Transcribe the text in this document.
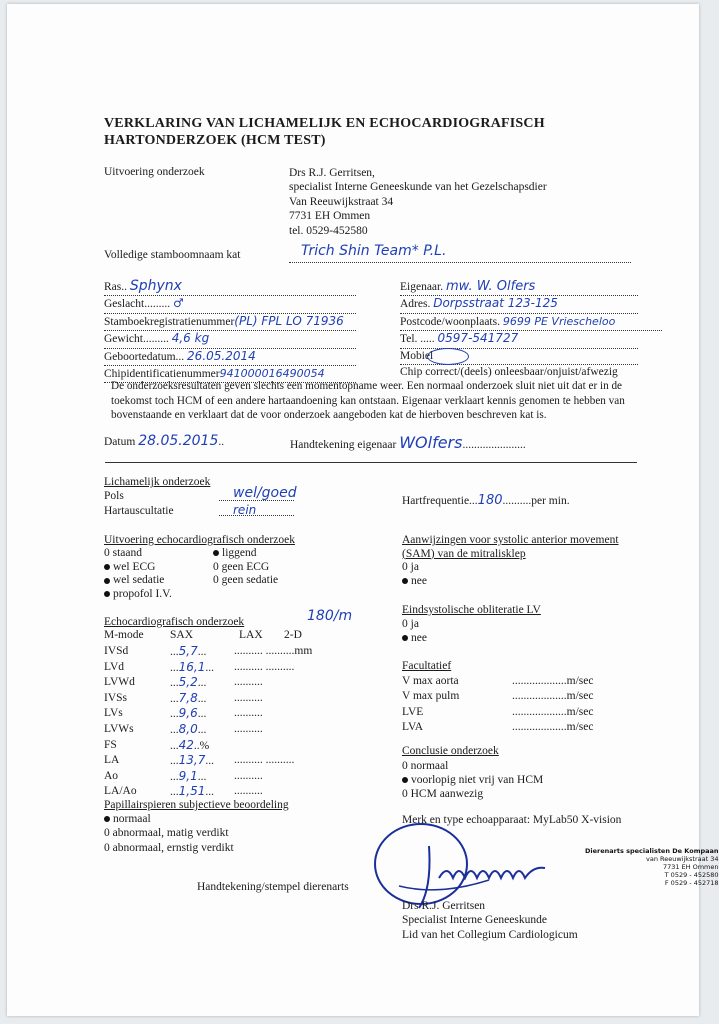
VERKLARING VAN LICHAMELIJK EN ECHOCARDIOGRAFISCH
HARTONDERZOEK (HCM TEST)
Uitvoering onderzoek	Drs R.J. Gerritsen,
specialist Interne Geneeskunde van het Gezelschapsdier
Van Reeuwijkstraat 34
7731 EH Ommen
tel. 0529-452580
Volledige stamboomnaam kat	Trich Shin Team* P.L.
Ras.. Sphynx
Geslacht......... ♂
Stamboekregistratienummer(PL) FPL LO 71936
Gewicht......... 4,6 kg
Geboortedatum... 26.05.2014
Chipidentificatienummer941000016490054
Eigenaar. mw. W. Olfers
Adres. Dorpsstraat 123-125
Postcode/woonplaats. 9699 PE Vriescheloo
Tel. ..... 0597-541727
Mobiel
Chip correct/(deels) onleesbaar/onjuist/afwezig
De onderzoeksresultaten geven slechts een momentopname weer. Een normaal onderzoek sluit niet uit dat er in de toekomst toch HCM of een andere hartaandoening kan ontstaan. Eigenaar verklaart kennis genomen te hebben van bovenstaande en verklaart dat de voor onderzoek aangeboden kat de hierboven beschreven kat is.
Datum 28.05.2015..	Handtekening eigenaar WOlfers......................
Lichamelijk onderzoek
Pols	wel/goed
Hartauscultatie	rein
Hartfrequentie...180..........per min.
Uitvoering echocardiografisch onderzoek
0 staand
wel ECG
wel sedatie
propofol I.V.
liggend
0 geen ECG
0 geen sedatie
Aanwijzingen voor systolic anterior movement
(SAM) van de mitralisklep
0 ja
nee
Echocardiografisch onderzoek	180/m
M-mode SAX	LAX 2-D
IVSd	...5,7... .......... ..........mm
LVd	...16,1... .......... ..........
LVWd	...5,2... ..........
IVSs	...7,8... ..........
LVs	...9,6... ..........
LVWs	...8,0... ..........
FS	...42..%
LA	...13,7... .......... ..........
Ao	...9,1... ..........
LA/Ao	...1,51... ..........
Eindsystolische obliteratie LV
0 ja
nee
Facultatief
V max aorta	...................m/sec
V max pulm	...................m/sec
LVE	...................m/sec
LVA	...................m/sec
Conclusie onderzoek
0 normaal
voorlopig niet vrij van HCM
0 HCM aanwezig
Papillairspieren subjectieve beoordeling
normaal
0 abnormaal, matig verdikt
0 abnormaal, ernstig verdikt
Merk en type echoapparaat: MyLab50 X-vision
Dierenarts specialisten De Kompaan
van Reeuwijkstraat 34
7731 EH Ommen
T 0529 - 452580
F 0529 - 452718
Handtekening/stempel dierenarts
Drs R.J. Gerritsen
Specialist Interne Geneeskunde
Lid van het Collegium Cardiologicum
